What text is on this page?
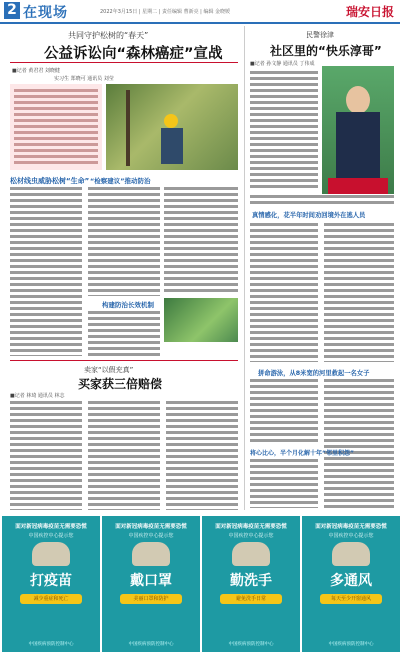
2 在现场	2022年3月15日 | 星期二 | 责任编辑 曹新亮 | 编辑 金晓媛	瑞安日报
共同守护松树的“春天”
公益诉讼向“森林癌症”宣战
■记者 黄君君 刘晓健
实习生 郑晓可 通讯员 刘莹
松材线虫威胁松树“生命” “检察建议”推动防治
构建防治长效机制
卖家“以假充真”
买家获三倍赔偿
■记者 林琦 通讯员 林志
民警徐津
社区里的“快乐淳哥”
■记者 孙文静 通讯员 丁伟成
真情感化，花半年时间劝回境外在逃人员
拼命游泳，从8米宽的河里救起一名女子
将心比心，半个月化解十年“邻里积怨”
面对新冠病毒疫苗无需要恐慌
中国疾控中心提示您
打疫苗
减少重症和死亡
中国疾病预防控制中心
面对新冠病毒疫苗无需要恐慌
中国疾控中心提示您
戴口罩
美丽口罩和防护
中国疾病预防控制中心
面对新冠病毒疫苗无需要恐慌
中国疾控中心提示您
勤洗手
避免洗手日常
中国疾病预防控制中心
面对新冠病毒疫苗无需要恐慌
中国疾控中心提示您
多通风
每天至少开窗通风
中国疾病预防控制中心
